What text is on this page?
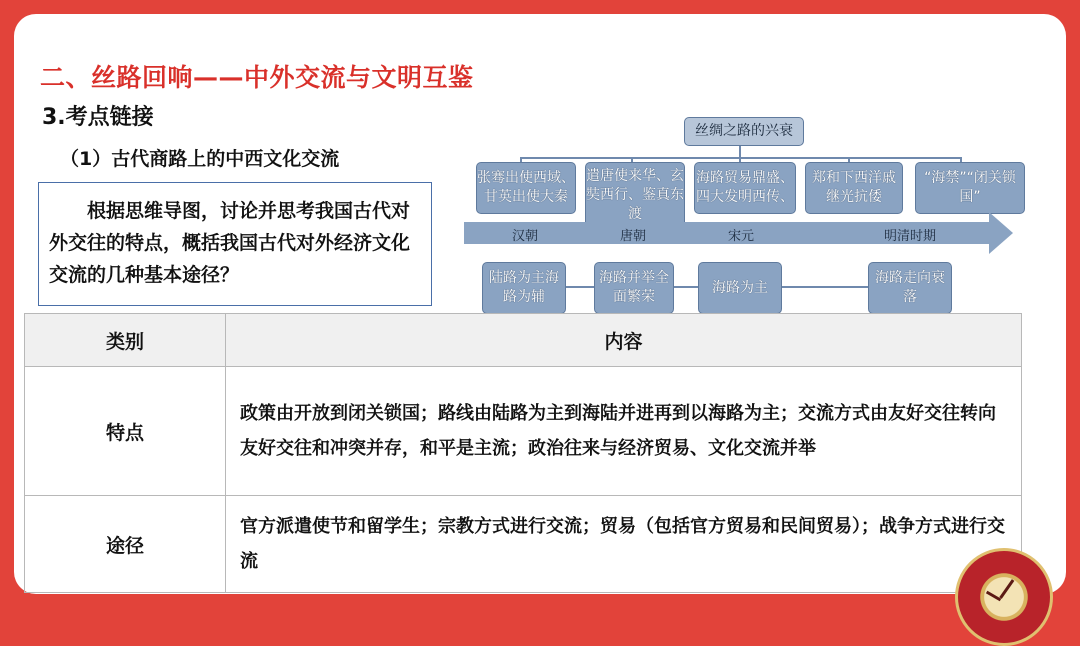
二、丝路回响——中外交流与文明互鉴
3.考点链接
（1）古代商路上的中西文化交流
根据思维导图，讨论并思考我国古代对外交往的特点，概括我国古代对外经济文化交流的几种基本途径？
丝绸之路的兴衰
张骞出使西域、甘英出使大秦
遣唐使来华、玄奘西行、鉴真东渡
海路贸易鼎盛、四大发明西传、
郑和下西洋戚继光抗倭
“海禁”“闭关锁国”
汉朝	唐朝	宋元	明清时期
陆路为主海路为辅
海路并举全面繁荣
海路为主
海路走向衰落
类别	内容
特点	政策由开放到闭关锁国；路线由陆路为主到海陆并进再到以海路为主；交流方式由友好交往转向友好交往和冲突并存，和平是主流；政治往来与经济贸易、文化交流并举
途径	官方派遣使节和留学生；宗教方式进行交流；贸易（包括官方贸易和民间贸易）；战争方式进行交流
